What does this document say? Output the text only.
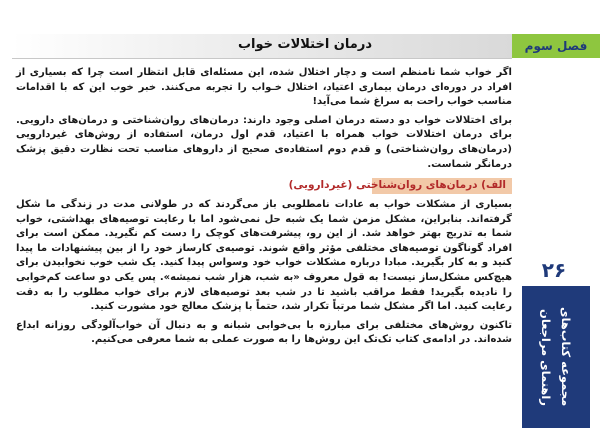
درمان اختلالات خواب	فصل سوم

اگر خواب شما نامنظم است و دچار اختلال شده، این مسئله‌ای قابل انتظار است چرا که بسیاری از افراد در دوره‌ای درمان بیماری اعتیاد، اختلال خـواب را تجربه می‌کنند. خبر خوب این که با اقدامات مناسب خواب راحت به سراغ شما می‌آید!

برای اختلالات خواب دو دسته درمان اصلی وجود دارند: درمان‌های روان‌شناختی و درمان‌های دارویی. برای درمان اختلالات خواب همراه با اعتیاد، قدم اول درمان، استفاده از روش‌های غیردارویی (درمان‌های روان‌شناختی) و قدم دوم استفاده‌ی صحیح از داروهای مناسب تحت نظارت دقیق پزشک درمانگر شماست.

الف) درمان‌های روان‌شناختی (غیردارویی)

بسیاری از مشکلات خواب به عادات نامطلوبی باز می‌گردند که در طولانی مدت در زندگی ما شکل گرفته‌اند. بنابراین، مشکل مزمن شما یک شبه حل نمی‌شود اما با رعایت توصیه‌های بهداشتی، خواب شما به تدریج بهتر خواهد شد. از این رو، پیشرفت‌های کوچک را دست کم نگیرید. ممکن است برای افراد گوناگون توصیه‌های مختلفی مؤثر واقع شوند. توصیه‌ی کارساز خود را از بین پیشنهادات ما پیدا کنید و به کار بگیرید. مبادا درباره مشکلات خواب خود وسواس پیدا کنید. یک شب خوب نخوابیدن برای هیچ‌کس مشکل‌ساز نیست! به قول معروف «به شب، هزار شب نمیشه». پس یکی دو ساعت کم‌خوابی را نادیده بگیرید! فقط مراقب باشید تا در شب بعد توصیه‌های لازم برای خواب مطلوب را به دقت رعایت کنید. اما اگر مشکل شما مرتباً تکرار شد، حتماً با پزشک معالج خود مشورت کنید.

تاکنون روش‌های مختلفی برای مبارزه با بی‌خوابی شبانه و به دنبال آن خواب‌آلودگی روزانه ابداع شده‌اند. در ادامه‌ی کتاب تک‌تک این روش‌ها را به صورت عملی به شما معرفی می‌کنیم.

۲۶
مجموعه کتاب‌های راهنمای مراجعان
